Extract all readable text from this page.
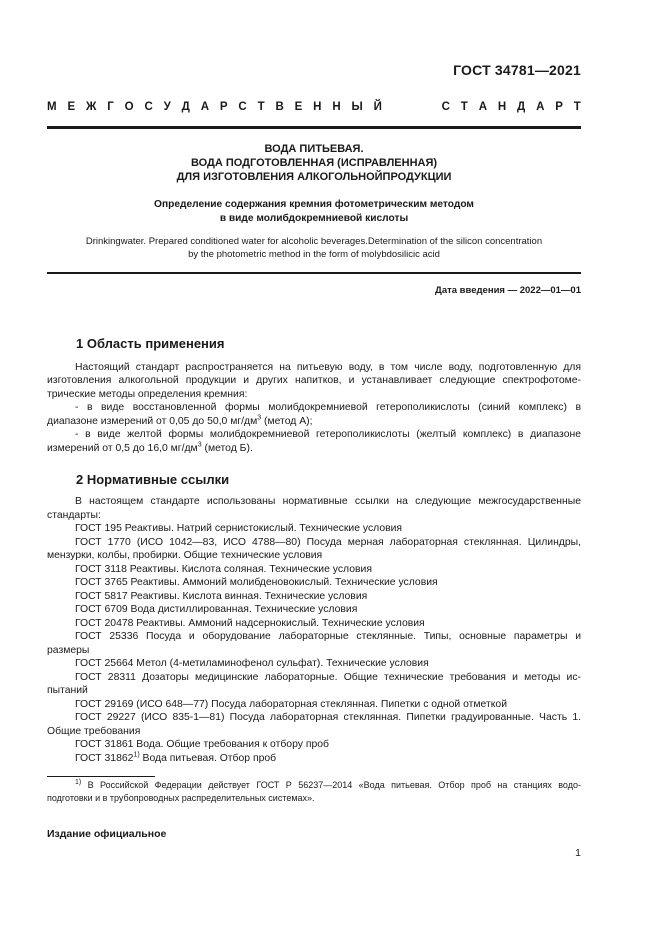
ГОСТ 34781—2021
М Е Ж Г О С У Д А Р С Т В Е Н Н Ы Й	С Т А Н Д А Р Т
ВОДА ПИТЬЕВАЯ.
ВОДА ПОДГОТОВЛЕННАЯ (ИСПРАВЛЕННАЯ)
ДЛЯ ИЗГОТОВЛЕНИЯ АЛКОГОЛЬНОЙПРОДУКЦИИ
Определение содержания кремния фотометрическим методом
в виде молибдокремниевой кислоты
Drinkingwater. Prepared conditioned water for alcoholic beverages.Determination of the silicon concentration
by the photometric method in the form of molybdosilicic acid
Дата введения — 2022—01—01
1 Область применения
Настоящий стандарт распространяется на питьевую воду, в том числе воду, подготовленную для
изготовления алкогольной продукции и других напитков, и устанавливает следующие спектрофотоме-
трические методы определения кремния:
- в виде восстановленной формы молибдокремниевой гетерополикислоты (синий комплекс) в
диапазоне измерений от 0,05 до 50,0 $мг/дм^3$ (метод А);
- в виде желтой формы молибдокремниевой гетерополикислоты (желтый комплекс) в диапазоне
измерений от 0,5 до 16,0 $мг/дм^3$ (метод Б).
2 Нормативные ссылки
В настоящем стандарте использованы нормативные ссылки на следующие межгосударственные
стандарты:
ГОСТ 195 Реактивы. Натрий сернистокислый. Технические условия
ГОСТ 1770 (ИСО 1042—83, ИСО 4788—80) Посуда мерная лабораторная стеклянная. Цилиндры,
мензурки, колбы, пробирки. Общие технические условия
ГОСТ 3118 Реактивы. Кислота соляная. Технические условия
ГОСТ 3765 Реактивы. Аммоний молибденовокислый. Технические условия
ГОСТ 5817 Реактивы. Кислота винная. Технические условия
ГОСТ 6709 Вода дистиллированная. Технические условия
ГОСТ 20478 Реактивы. Аммоний надсернокислый. Технические условия
ГОСТ 25336 Посуда и оборудование лабораторные стеклянные. Типы, основные параметры и
размеры
ГОСТ 25664 Метол (4-метиламинофенол сульфат). Технические условия
ГОСТ 28311 Дозаторы медицинские лабораторные. Общие технические требования и методы ис-
пытаний
ГОСТ 29169 (ИСО 648—77) Посуда лабораторная стеклянная. Пипетки с одной отметкой
ГОСТ 29227 (ИСО 835-1—81) Посуда лабораторная стеклянная. Пипетки градуированные. Часть 1.
Общие требования
ГОСТ 31861 Вода. Общие требования к отбору проб
ГОСТ 31862$^{1)}$ Вода питьевая. Отбор проб
$^{1)}$ В Российской Федерации действует ГОСТ Р 56237—2014 «Вода питьевая. Отбор проб на станциях водо-
подготовки и в трубопроводных распределительных системах».
Издание официальное
1
